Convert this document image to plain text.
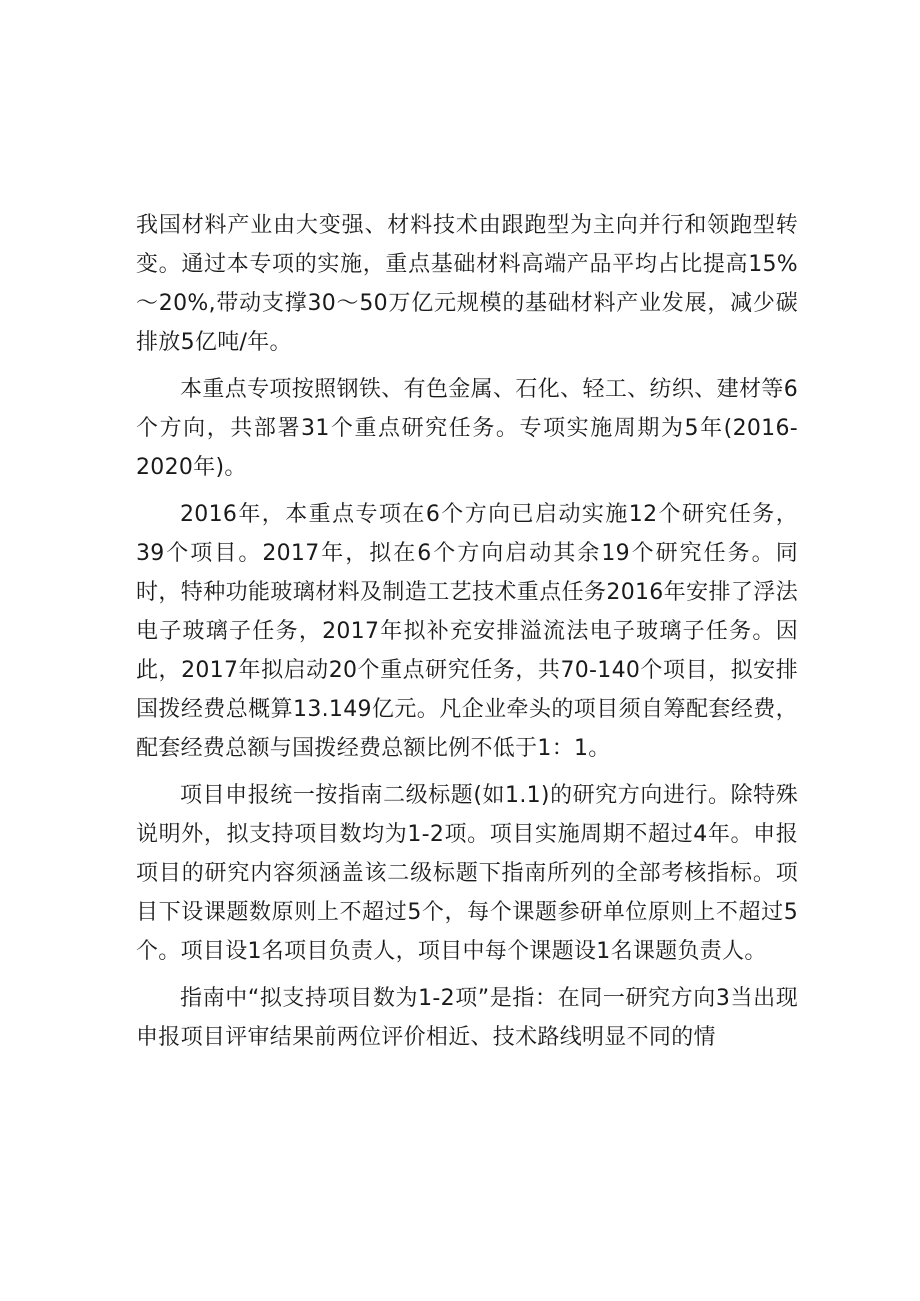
我国材料产业由大变强、材料技术由跟跑型为主向并行和领跑型转变。通过本专项的实施，重点基础材料高端产品平均占比提高15%～20%,带动支撑30～50万亿元规模的基础材料产业发展，减少碳排放5亿吨/年。

本重点专项按照钢铁、有色金属、石化、轻工、纺织、建材等6个方向，共部署31个重点研究任务。专项实施周期为5年(2016-2020年)。

2016年，本重点专项在6个方向已启动实施12个研究任务，39个项目。2017年，拟在6个方向启动其余19个研究任务。同时，特种功能玻璃材料及制造工艺技术重点任务2016年安排了浮法电子玻璃子任务，2017年拟补充安排溢流法电子玻璃子任务。因此，2017年拟启动20个重点研究任务，共70-140个项目，拟安排国拨经费总概算13.149亿元。凡企业牵头的项目须自筹配套经费，配套经费总额与国拨经费总额比例不低于1：1。

项目申报统一按指南二级标题(如1.1)的研究方向进行。除特殊说明外，拟支持项目数均为1-2项。项目实施周期不超过4年。申报项目的研究内容须涵盖该二级标题下指南所列的全部考核指标。项目下设课题数原则上不超过5个，每个课题参研单位原则上不超过5个。项目设1名项目负责人，项目中每个课题设1名课题负责人。

指南中“拟支持项目数为1-2项”是指：在同一研究方向3当出现申报项目评审结果前两位评价相近、技术路线明显不同的情
